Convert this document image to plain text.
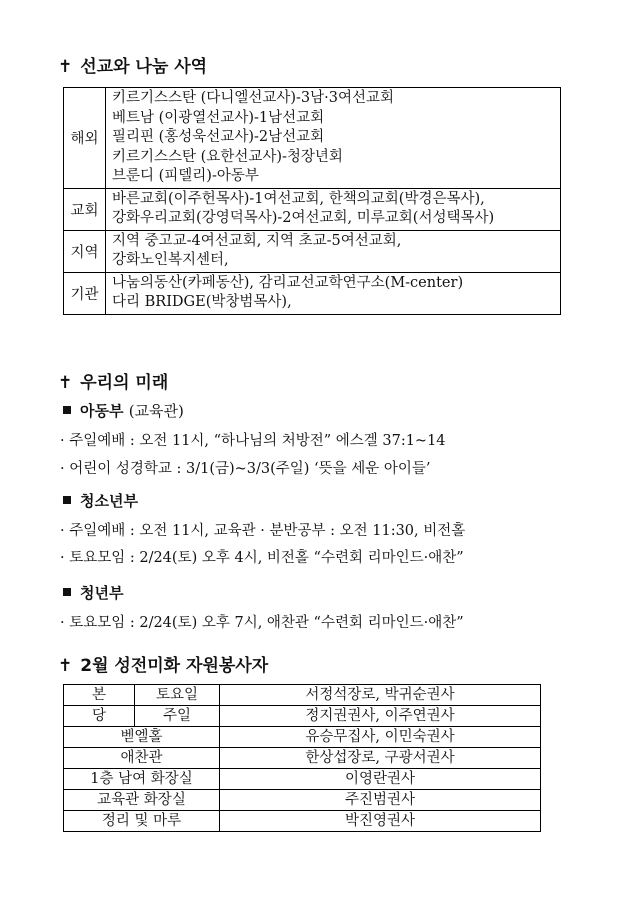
✝ 선교와 나눔 사역
해외	키르기스스탄 (다니엘선교사)-3남·3여선교회
베트남 (이광열선교사)-1남선교회
필리핀 (홍성욱선교사)-2남선교회
키르기스스탄 (요한선교사)-청장년회
브룬디 (피델리)-아동부

교회	바른교회(이주헌목사)-1여선교회, 한책의교회(박경은목사),
강화우리교회(강영덕목사)-2여선교회, 미루교회(서성택목사)

지역	지역 중고교-4여선교회, 지역 초교-5여선교회,
강화노인복지센터,

기관	나눔의동산(카페동산), 감리교선교학연구소(M-center)
다리 BRIDGE(박창범목사),
✝ 우리의 미래
아동부 (교육관)
· 주일예배 : 오전 11시, “하나님의 처방전” 에스겔 37:1~14
· 어린이 성경학교 : 3/1(금)~3/3(주일) ‘뜻을 세운 아이들’
청소년부
· 주일예배 : 오전 11시, 교육관 · 분반공부 : 오전 11:30, 비전홀
· 토요모임 : 2/24(토) 오후 4시, 비전홀 “수련회 리마인드·애찬”
청년부
· 토요모임 : 2/24(토) 오후 7시, 애찬관 “수련회 리마인드·애찬”
✝ 2월 성전미화 자원봉사자
본	토요일	서정석장로, 박귀순권사
당	주일	정지권권사, 이주연권사
벧엘홀		유승무집사, 이민숙권사
애찬관		한상섭장로, 구광서권사
1층 남여 화장실		이영란권사
교육관 화장실		주진범권사
정리 및 마루		박진영권사
